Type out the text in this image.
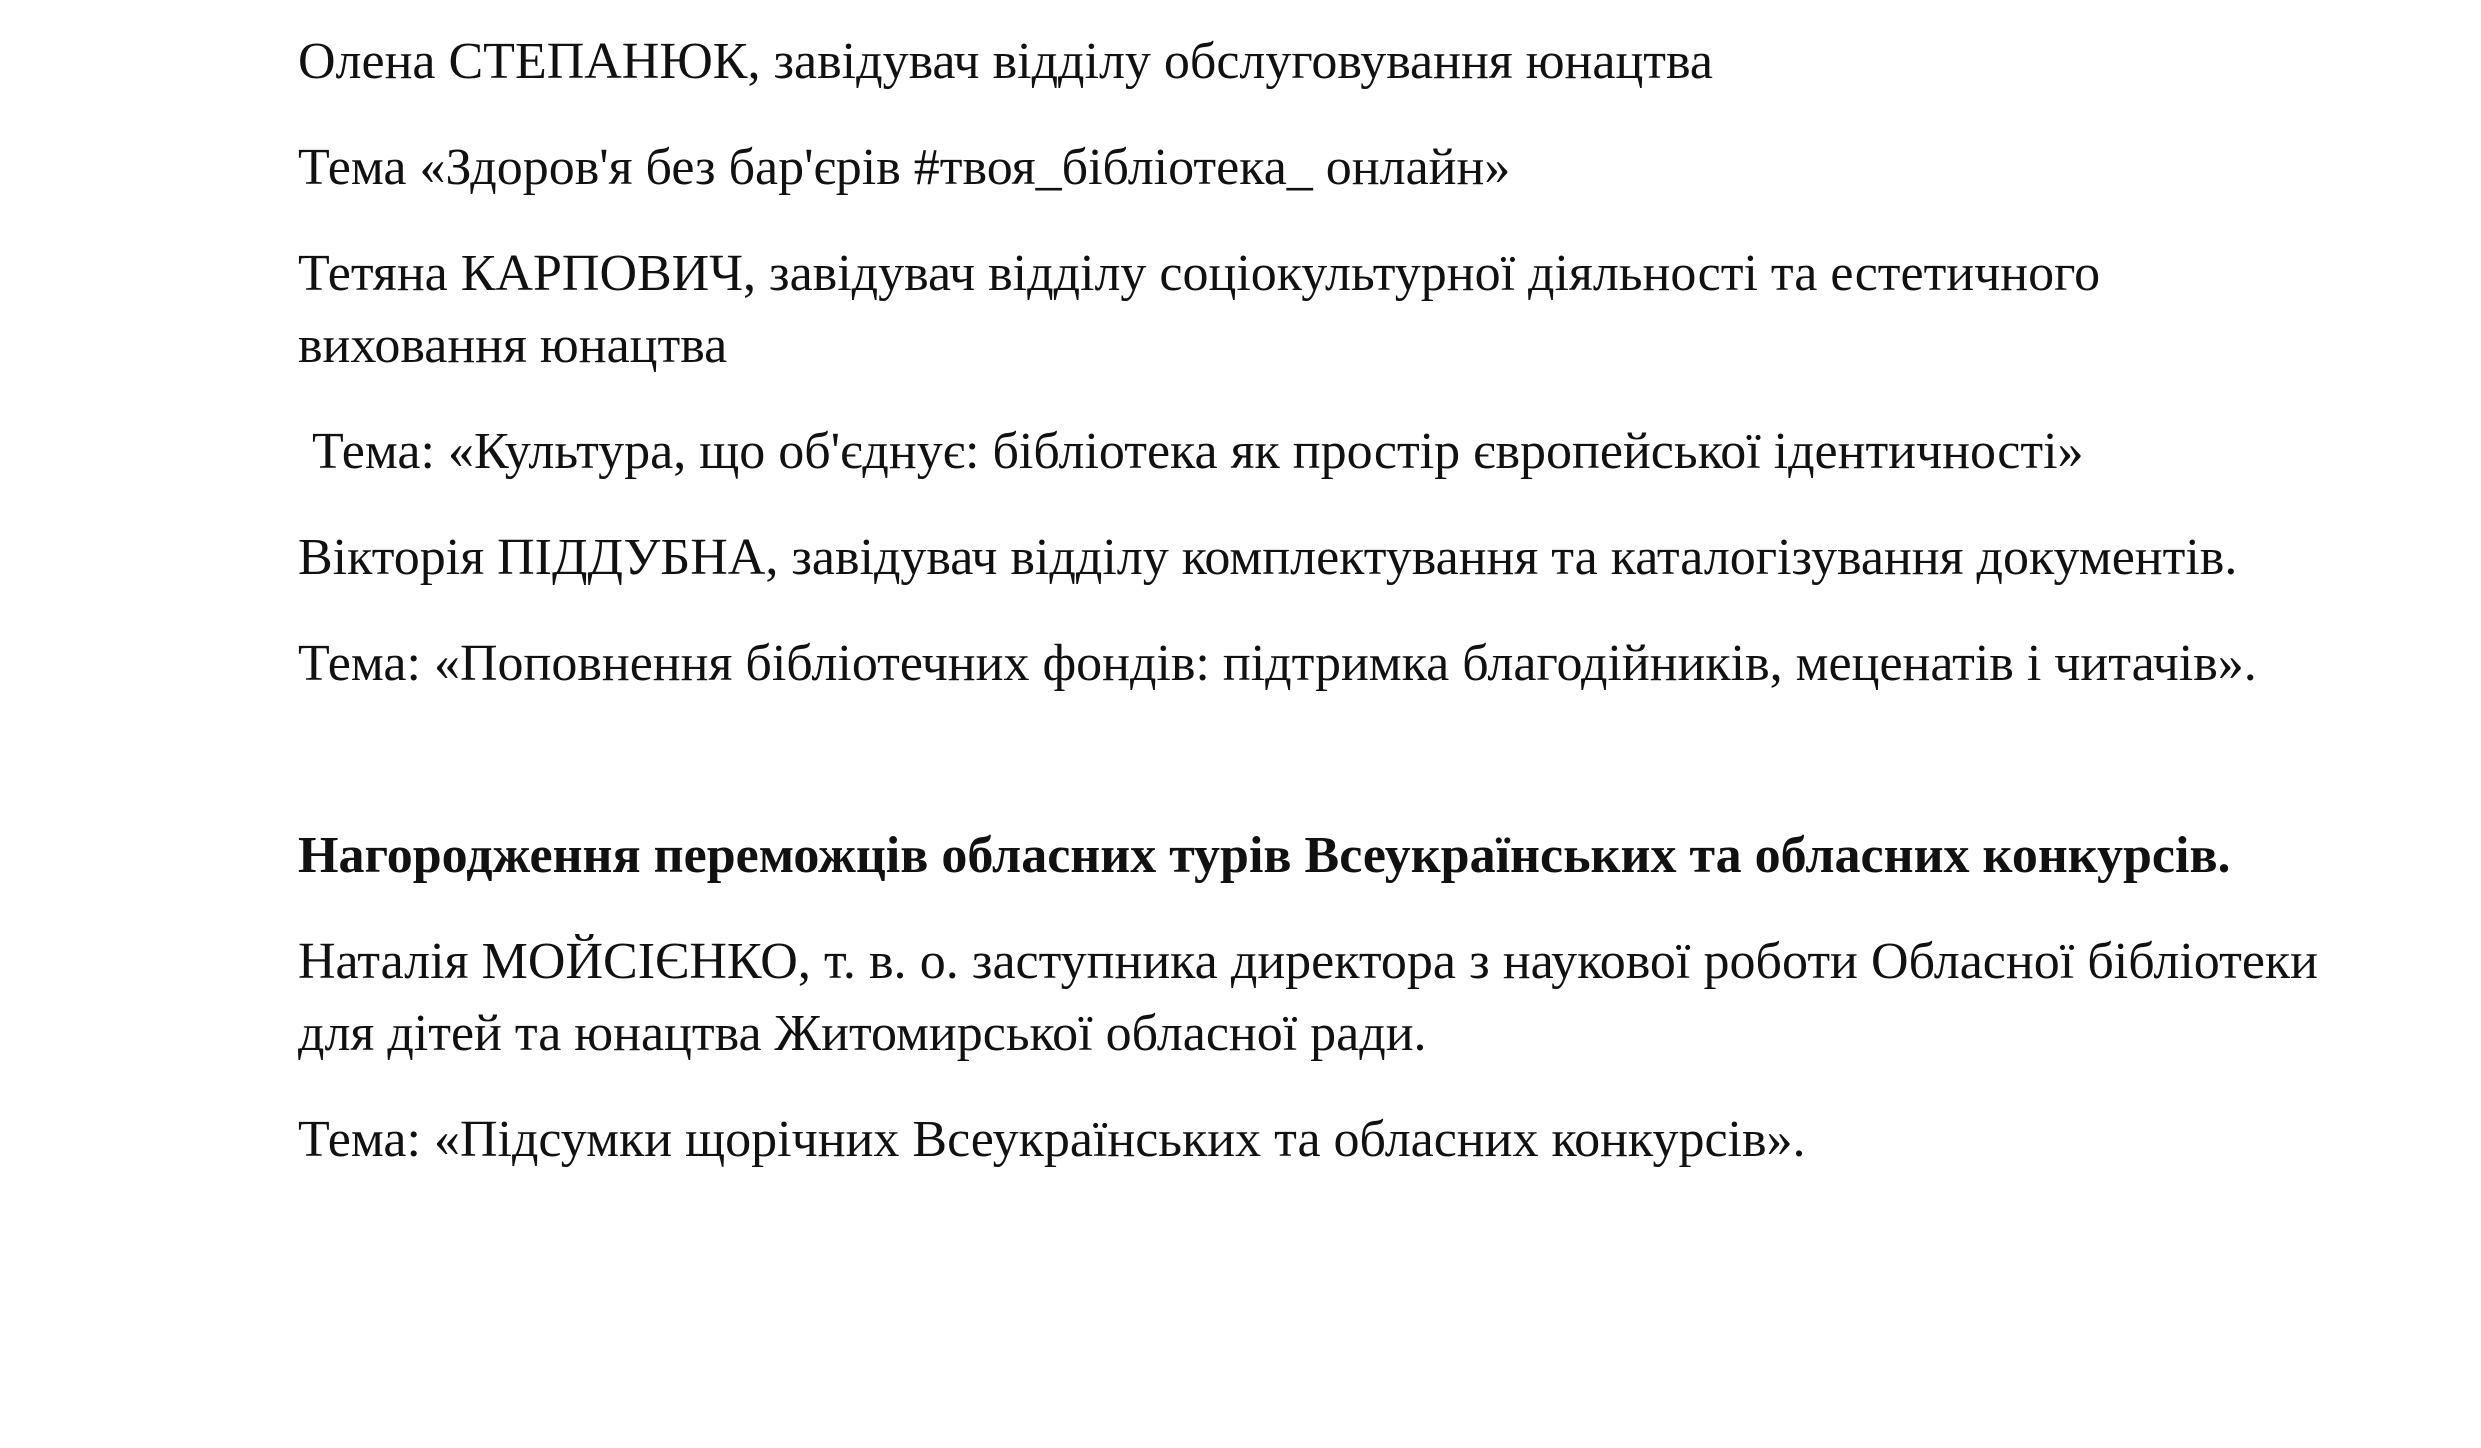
Олена СТЕПАНЮК, завідувач відділу обслуговування юнацтва

Тема «Здоров'я без бар'єрів #твоя_бібліотека_ онлайн»

Тетяна КАРПОВИЧ, завідувач відділу соціокультурної діяльності та естетичного виховання юнацтва

Тема: «Культура, що об'єднує: бібліотека як простір європейської ідентичності»

Вікторія ПІДДУБНА, завідувач відділу комплектування та каталогізування документів.

Тема: «Поповнення бібліотечних фондів: підтримка благодійників, меценатів і читачів».

Нагородження переможців обласних турів Всеукраїнських та обласних конкурсів.

Наталія МОЙСІЄНКО, т. в. о. заступника директора з наукової роботи Обласної бібліотеки для дітей та юнацтва Житомирської обласної ради.

Тема: «Підсумки щорічних Всеукраїнських та обласних конкурсів».
